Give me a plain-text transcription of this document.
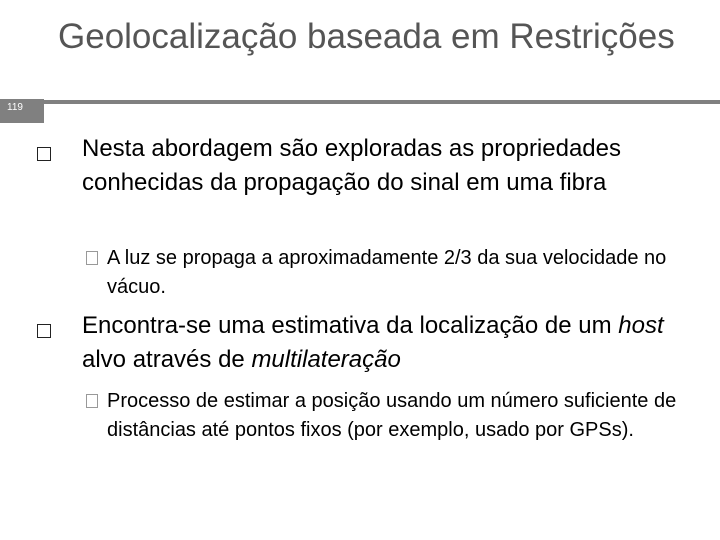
Geolocalização baseada em Restrições
119
Nesta abordagem são exploradas as propriedades conhecidas da propagação do sinal em uma fibra
A luz se propaga a aproximadamente 2/3 da sua velocidade no vácuo.
Encontra-se uma estimativa da localização de um host alvo através de multilateração
Processo de estimar a posição usando um número suficiente de distâncias até pontos fixos (por exemplo, usado por GPSs).
